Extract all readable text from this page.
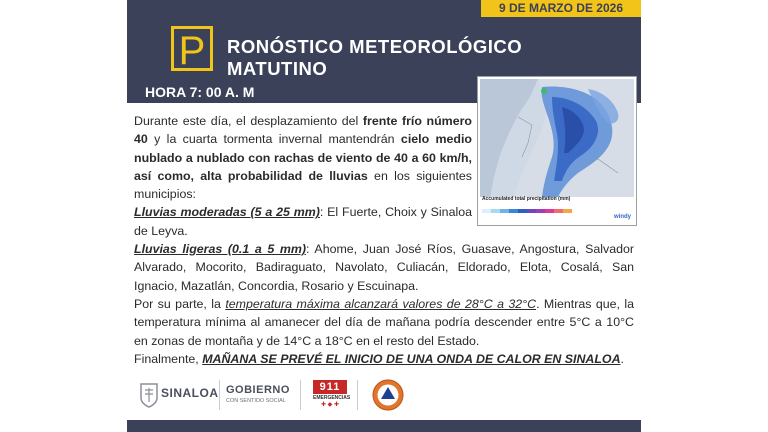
9 DE MARZO DE 2026
P	RONÓSTICO METEOROLÓGICO
MATUTINO
HORA 7: 00 A. M
Accumulated total precipitation (mm)
windy

Durante este día, el desplazamiento del frente frío número 40 y la cuarta tormenta invernal mantendrán cielo medio nublado a nublado con rachas de viento de 40 a 60 km/h, así como, alta probabilidad de lluvias en los siguientes municipios:

Lluvias moderadas (5 a 25 mm): El Fuerte, Choix y Sinaloa de Leyva.

Lluvias ligeras (0.1 a 5 mm): Ahome, Juan José Ríos, Guasave, Angostura, Salvador Alvarado, Mocorito, Badiraguato, Navolato, Culiacán, Eldorado, Elota, Cosalá, San Ignacio, Mazatlán, Concordia, Rosario y Escuinapa.

Por su parte, la temperatura máxima alcanzará valores de 28°C a 32°C. Mientras que, la temperatura mínima al amanecer del día de mañana podría descender entre 5°C a 10°C en zonas de montaña y de 14°C a 18°C en el resto del Estado.

Finalmente, MAÑANA SE PREVÉ EL INICIO DE UNA ONDA DE CALOR EN SINALOA.

SINALOA GOBIERNO
CON SENTIDO SOCIAL
911
EMERGENCIAS
✚ ◆ ✚
